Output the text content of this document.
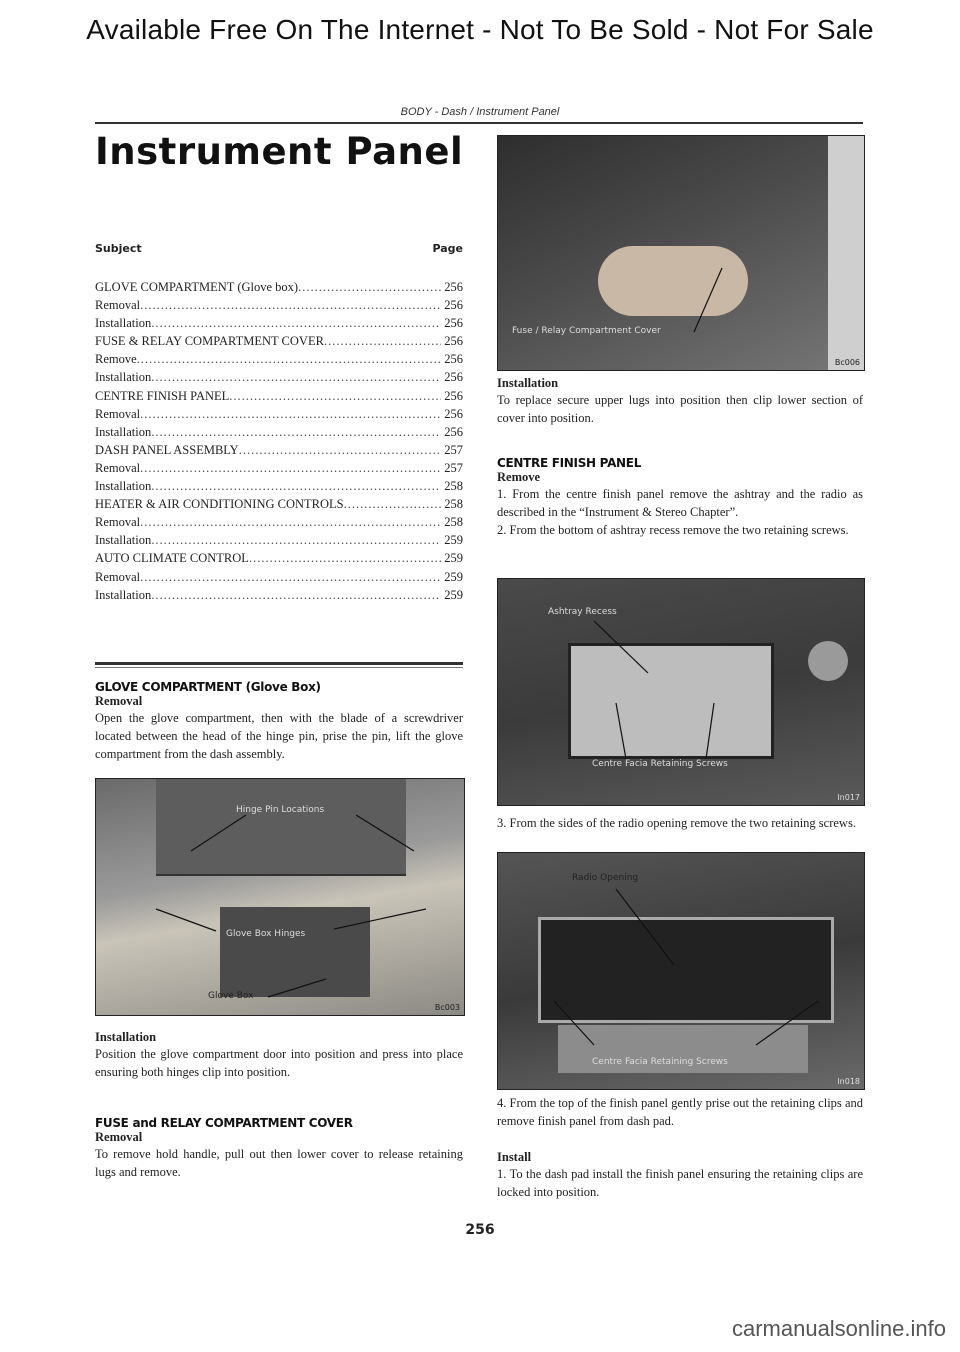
Available Free On The Internet - Not To Be Sold - Not For Sale
BODY - Dash / Instrument Panel
Instrument Panel
Subject	Page
GLOVE COMPARTMENT (Glove box) .....	256
Removal .....	256
Installation .....	256
FUSE & RELAY COMPARTMENT COVER .....	256
Remove .....	256
Installation .....	256
CENTRE FINISH PANEL .....	256
Removal .....	256
Installation .....	256
DASH PANEL ASSEMBLY .....	257
Removal .....	257
Installation .....	258
HEATER & AIR CONDITIONING CONTROLS .....	258
Removal .....	258
Installation .....	259
AUTO CLIMATE CONTROL .....	259
Removal .....	259
Installation .....	259
GLOVE COMPARTMENT (Glove Box)
Removal
Open the glove compartment, then with the blade of a screwdriver located between the head of the hinge pin, prise the pin, lift the glove compartment from the dash assembly.
Hinge Pin Locations
Glove Box Hinges
Glove Box
Bc003
Installation
Position the glove compartment door into position and press into place ensuring both hinges clip into position.
FUSE and RELAY COMPARTMENT COVER
Removal
To remove hold handle, pull out then lower cover to release retaining lugs and remove.
Fuse / Relay Compartment Cover
Bc006
Installation
To replace secure upper lugs into position then clip lower section of cover into position.
CENTRE FINISH PANEL
Remove
1. From the centre finish panel remove the ashtray and the radio as described in the “Instrument & Stereo Chapter”.
2. From the bottom of ashtray recess remove the two retaining screws.
Ashtray Recess
Centre Facia Retaining Screws
In017
3. From the sides of the radio opening remove the two retaining screws.
Radio Opening
Centre Facia Retaining Screws
In018
4. From the top of the finish panel gently prise out the retaining clips and remove finish panel from dash pad.
Install
1. To the dash pad install the finish panel ensuring the retaining clips are locked into position.
256
carmanualsonline.info
